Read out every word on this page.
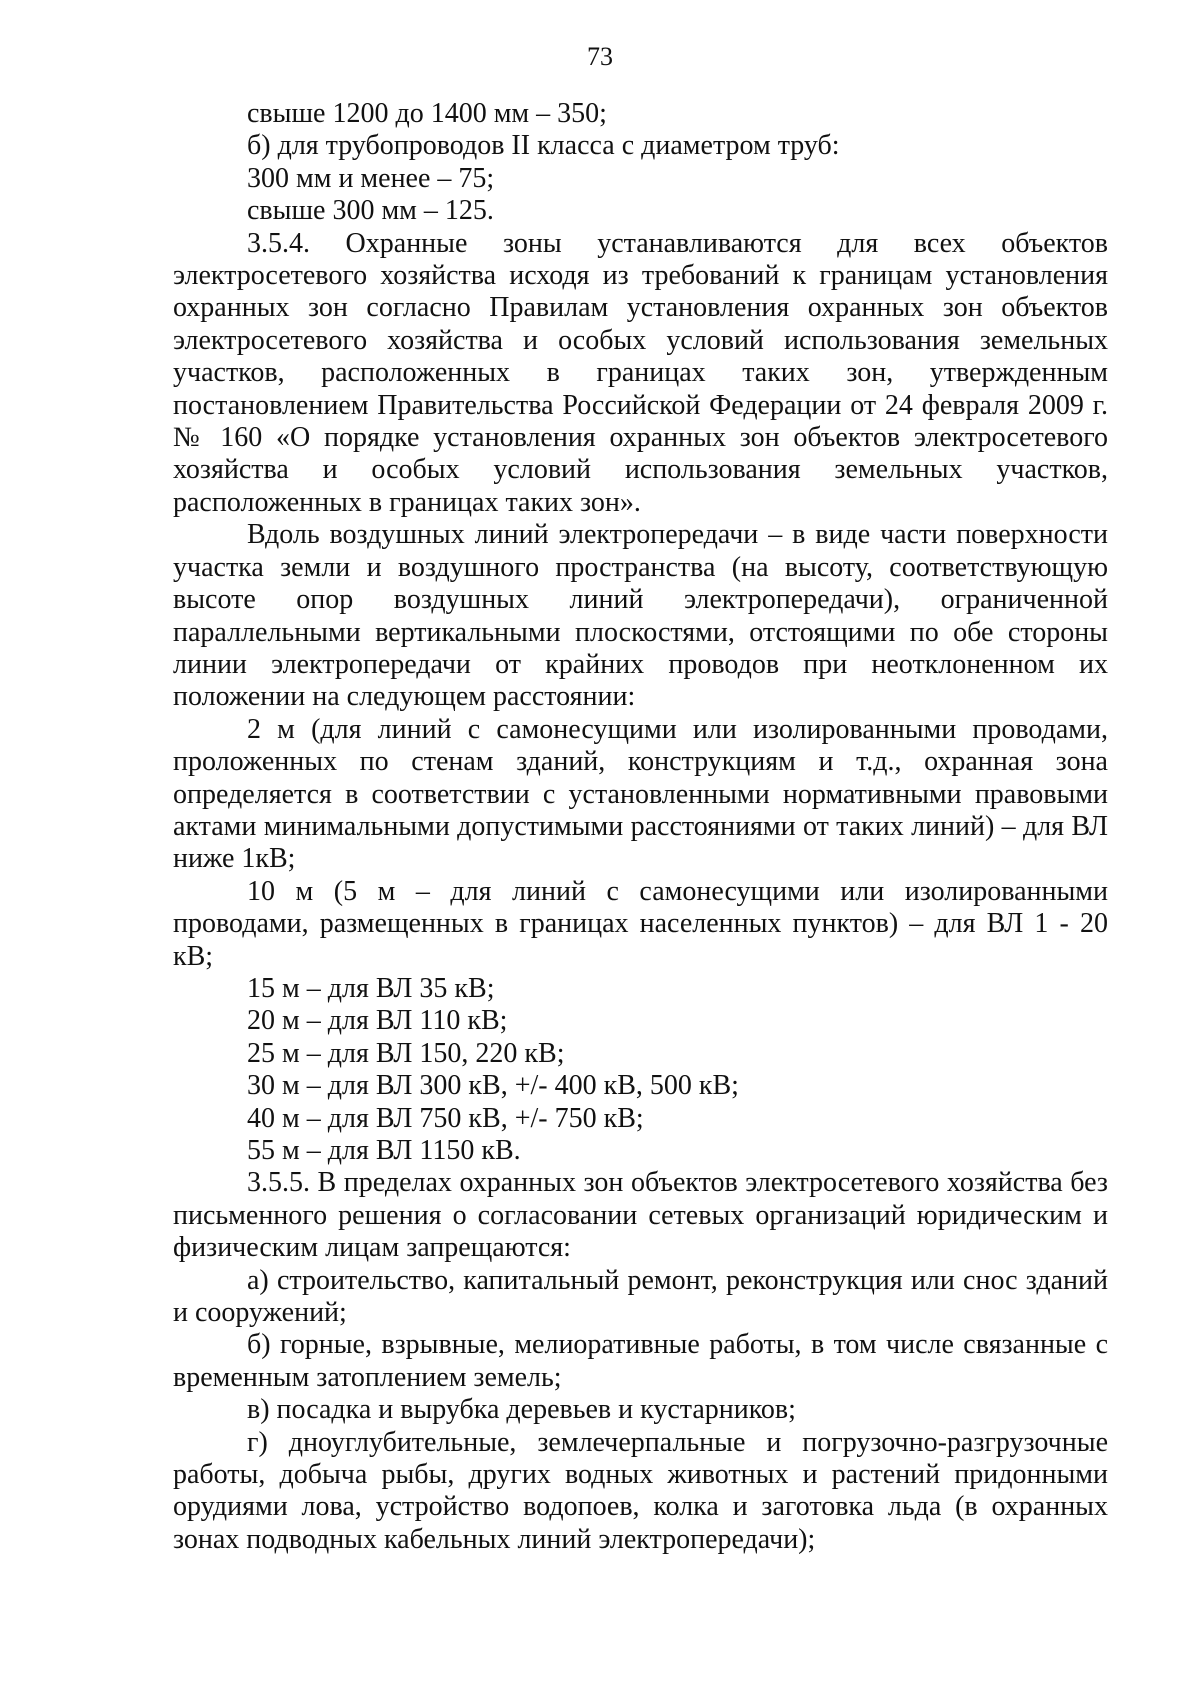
73

свыше 1200 до 1400 мм – 350;

б) для трубопроводов II класса с диаметром труб:

300 мм и менее – 75;

свыше 300 мм – 125.

3.5.4. Охранные зоны устанавливаются для всех объектов электросетевого хозяйства исходя из требований к границам установления охранных зон согласно Правилам установления охранных зон объектов электросетевого хозяйства и особых условий использования земельных участков, расположенных в границах таких зон, утвержденным постановлением Правительства Российской Федерации от 24 февраля 2009 г. № 160 «О порядке установления охранных зон объектов электросетевого хозяйства и особых условий использования земельных участков, расположенных в границах таких зон».

Вдоль воздушных линий электропередачи – в виде части поверхности участка земли и воздушного пространства (на высоту, соответствующую высоте опор воздушных линий электропередачи), ограниченной параллельными вертикальными плоскостями, отстоящими по обе стороны линии электропередачи от крайних проводов при неотклоненном их положении на следующем расстоянии:

2 м (для линий с самонесущими или изолированными проводами, проложенных по стенам зданий, конструкциям и т.д., охранная зона определяется в соответствии с установленными нормативными правовыми актами минимальными допустимыми расстояниями от таких линий) – для ВЛ ниже 1кВ;

10 м (5 м – для линий с самонесущими или изолированными проводами, размещенных в границах населенных пунктов) – для ВЛ 1 - 20 кВ;

15 м – для ВЛ 35 кВ;

20 м – для ВЛ 110 кВ;

25 м – для ВЛ 150, 220 кВ;

30 м – для ВЛ 300 кВ, +/- 400 кВ, 500 кВ;

40 м – для ВЛ 750 кВ, +/- 750 кВ;

55 м – для ВЛ 1150 кВ.

3.5.5. В пределах охранных зон объектов электросетевого хозяйства без письменного решения о согласовании сетевых организаций юридическим и физическим лицам запрещаются:

а) строительство, капитальный ремонт, реконструкция или снос зданий и сооружений;

б) горные, взрывные, мелиоративные работы, в том числе связанные с временным затоплением земель;

в) посадка и вырубка деревьев и кустарников;

г) дноуглубительные, землечерпальные и погрузочно-разгрузочные работы, добыча рыбы, других водных животных и растений придонными орудиями лова, устройство водопоев, колка и заготовка льда (в охранных зонах подводных кабельных линий электропередачи);
